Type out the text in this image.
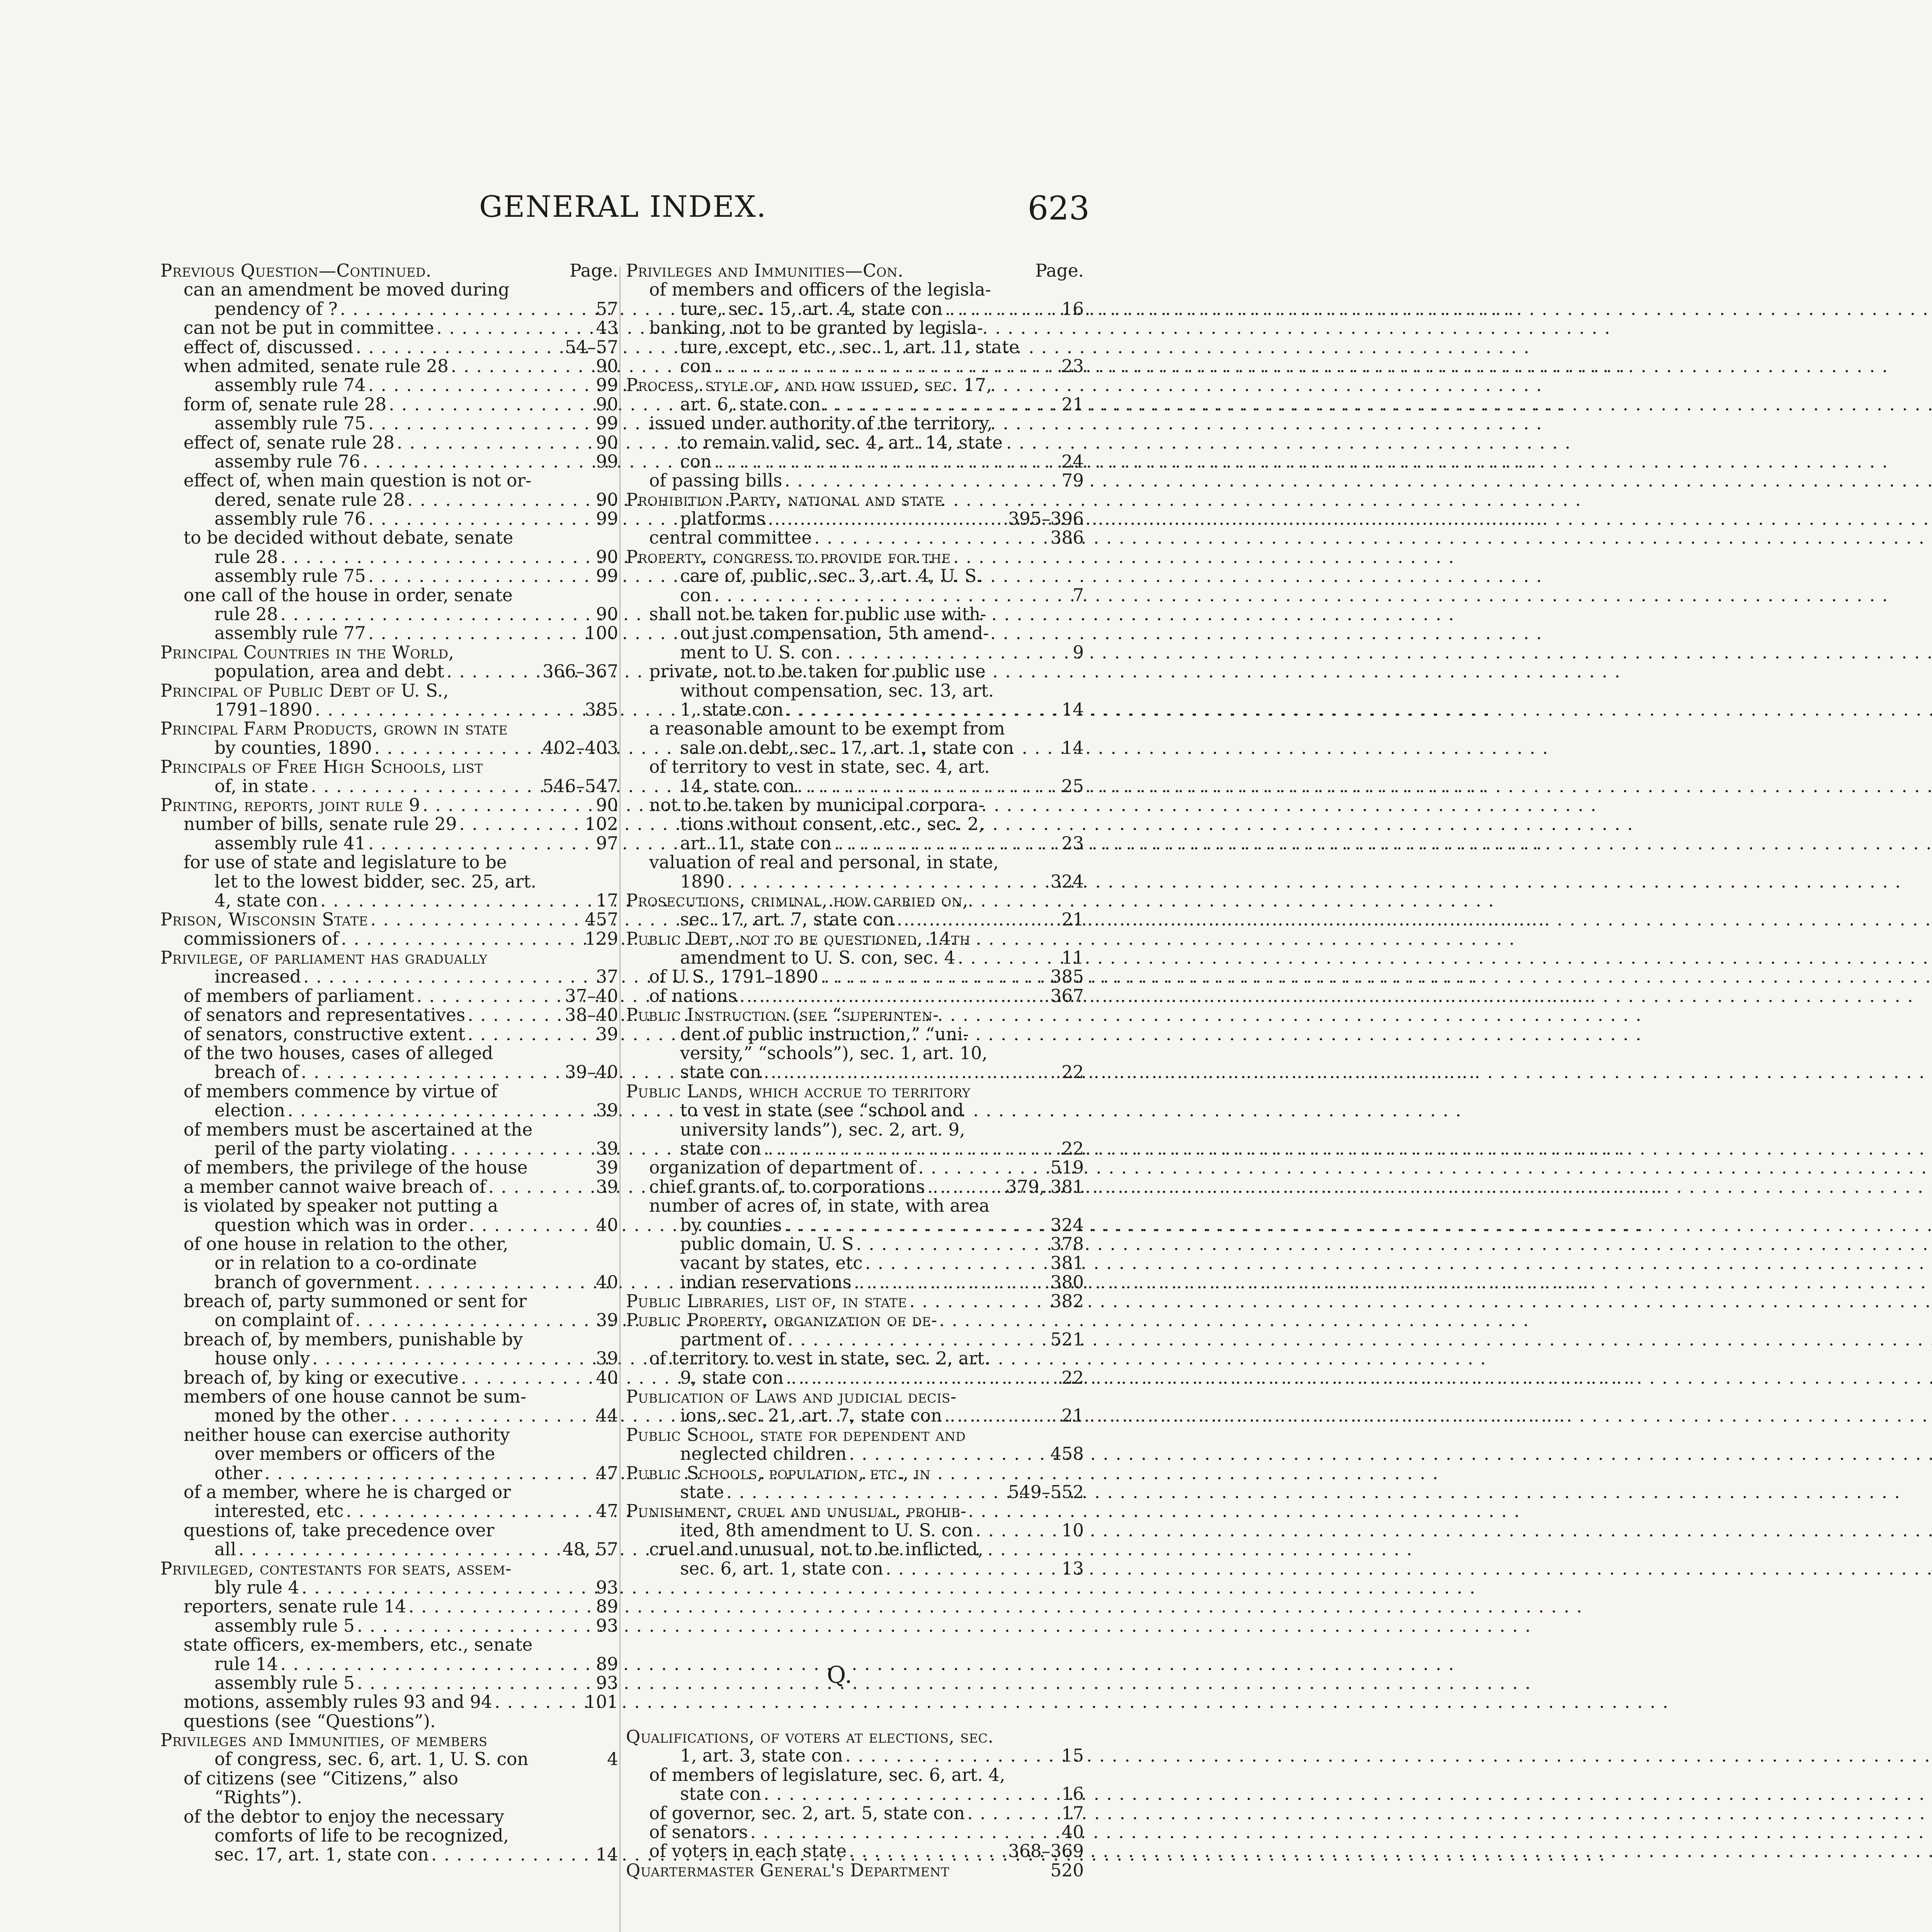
GENERAL INDEX.	623
Previous Question—Continued.	Page.
can an amendment be moved during
pendency of ? . . .	57
can not be put in committee . . .	43
effect of, discussed . . .	54–57
when admited, senate rule 28 . . .	90
assembly rule 74 . . .	99
form of, senate rule 28 . . .	90
assembly rule 75 . . .	99
effect of, senate rule 28 . . .	90
assemby rule 76 . . .	99
effect of, when main question is not or-
dered, senate rule 28 . . .	90
assembly rule 76 . . .	99
to be decided without debate, senate
rule 28 . . .	90
assembly rule 75 . . .	99
one call of the house in order, senate
rule 28 . . .	90
assembly rule 77 . . .	100
Principal Countries in the World,
population, area and debt . . .	366–367
Principal of Public Debt of U. S.,
1791–1890 . . .	385
Principal Farm Products, grown in state
by counties, 1890 . . .	402–403
Principals of Free High Schools, list
of, in state . . .	546–547
Printing, reports, joint rule 9 . . .	90
number of bills, senate rule 29 . . .	102
assembly rule 41 . . .	97
for use of state and legislature to be
let to the lowest bidder, sec. 25, art.
4, state con . . .	17
Prison, Wisconsin State . . .	457
commissioners of . . .	129
Privilege, of parliament has gradually
increased . . .	37
of members of parliament . . .	37–40
of senators and representatives . . .	38–40
of senators, constructive extent . . .	39
of the two houses, cases of alleged
breach of . . .	39–40
of members commence by virtue of
election . . .	39
of members must be ascertained at the
peril of the party violating . . .	39
of members, the privilege of the house	39
a member cannot waive breach of . . .	39
is violated by speaker not putting a
question which was in order . . .	40
of one house in relation to the other,
or in relation to a co-ordinate
branch of government . . .	40
breach of, party summoned or sent for
on complaint of . . .	39
breach of, by members, punishable by
house only . . .	39
breach of, by king or executive . . .	40
members of one house cannot be sum-
moned by the other . . .	44
neither house can exercise authority
over members or officers of the
other . . .	47
of a member, where he is charged or
interested, etc . . .	47
questions of, take precedence over
all . . .	48, 57
Privileged, contestants for seats, assem-
bly rule 4 . . .	93
reporters, senate rule 14 . . .	89
assembly rule 5 . . .	93
state officers, ex-members, etc., senate
rule 14 . . .	89
assembly rule 5 . . .	93
motions, assembly rules 93 and 94 . . .	101
questions (see “Questions”).
Privileges and Immunities, of members
of congress, sec. 6, art. 1, U. S. con	4
of citizens (see “Citizens,” also
“Rights”).
of the debtor to enjoy the necessary
comforts of life to be recognized,
sec. 17, art. 1, state con . . .	14
Privileges and Immunities—Con.	Page.
of members and officers of the legisla-
ture, sec. 15, art. 4, state con . . .	16
banking, not to be granted by legisla-
ture, except, etc., sec. 1, art. 11, state
con . . .	23
Process, style of, and how issued, sec. 17,
art. 6, state con . . .	21
issued under authority of the territory,
to remain valid, sec. 4, art. 14, state
con . . .	24
of passing bills . . .	79
Prohibition Party, national and state
platforms . . .	395–396
central committee . . .	386
Property, congress to provide for the
care of, public, sec. 3, art. 4, U. S.
con . . .	7
shall not be taken for public use with-
out just compensation, 5th amend-
ment to U. S. con . . .	9
private, not to be taken for public use
without compensation, sec. 13, art.
1, state con . . .	14
a reasonable amount to be exempt from
sale on debt, sec. 17, art. 1, state con	14
of territory to vest in state, sec. 4, art.
14, state con . . .	25
not to be taken by municipal corpora-
tions without consent, etc., sec. 2,
art. 11, state con . . .	23
valuation of real and personal, in state,
1890 . . .	324
Prosecutions, criminal, how carried on,
sec. 17, art. 7, state con . . .	21
Public Debt, not to be questioned, 14th
amendment to U. S. con, sec. 4 . . .	11
of U S., 1791–1890 . . .	385
of nations . . .	367
Public Instruction (see “superinten-
dent of public instruction,” “uni-
versity,” “schools”), sec. 1, art. 10,
state con . . .	22
Public Lands, which accrue to territory
to vest in state (see “school and
university lands”), sec. 2, art. 9,
state con . . .	22
organization of department of . . .	519
chief grants of, to corporations . . .	379, 381
number of acres of, in state, with area
by counties . . .	324
public domain, U. S . . .	378
vacant by states, etc . . .	381
indian reservations . . .	380
Public Libraries, list of, in state . . .	382
Public Property, organization of de-
partment of . . .	521
of territory to vest in state, sec. 2, art.
9, state con . . .	22
Publication of Laws and judicial decis-
ions, sec. 21, art. 7, state con . . .	21
Public School, state for dependent and
neglected children . . .	458
Public Schools, population, etc., in
state . . .	549–552
Punishment, cruel and unusual, prohib-
ited, 8th amendment to U. S. con . . .	10
cruel and unusual, not to be inflicted,
sec. 6, art. 1, state con . . .	13
Q.
Qualifications, of voters at elections, sec.
1, art. 3, state con . . .	15
of members of legislature, sec. 6, art. 4,
state con . . .	16
of governor, sec. 2, art. 5, state con . . .	17
of senators . . .	40
of voters in each state . . .	368–369
Quartermaster General's Department	520
